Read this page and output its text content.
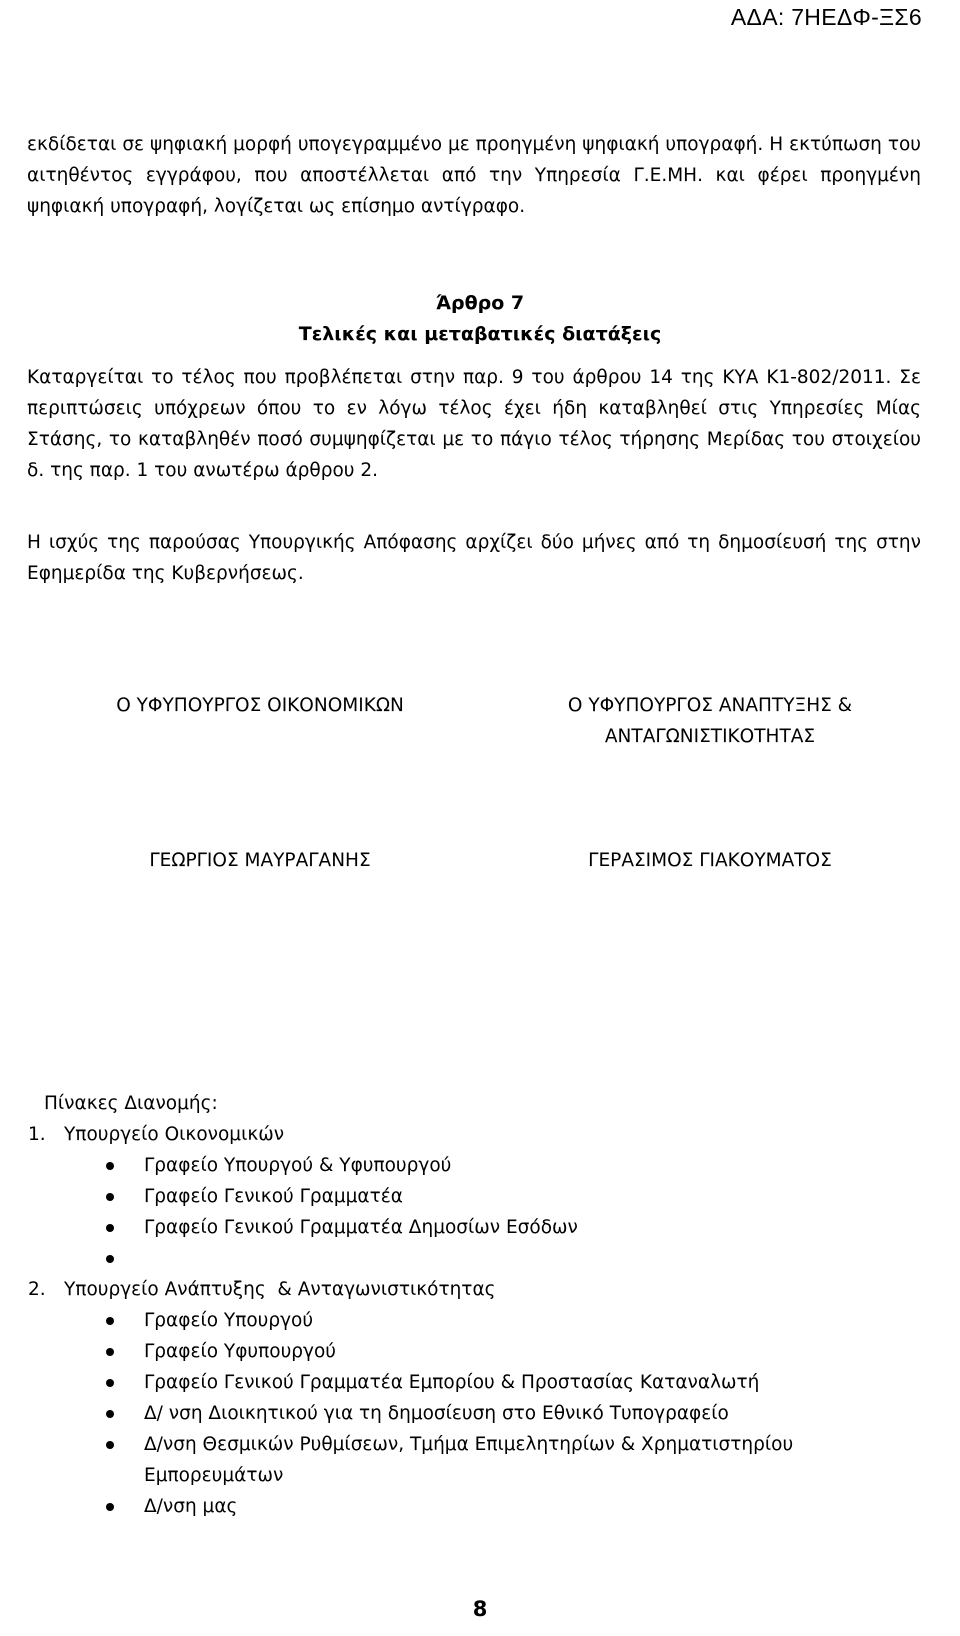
ΑΔΑ: 7ΗΕΔΦ-ΞΣ6
εκδίδεται σε ψηφιακή μορφή υπογεγραμμένο με προηγμένη ψηφιακή υπογραφή. Η εκτύπωση του αιτηθέντος εγγράφου, που αποστέλλεται από την Υπηρεσία Γ.Ε.ΜΗ. και φέρει προηγμένη ψηφιακή υπογραφή, λογίζεται ως επίσημο αντίγραφο.
Άρθρο 7
Τελικές και μεταβατικές διατάξεις
Καταργείται το τέλος που προβλέπεται στην παρ. 9 του άρθρου 14 της ΚΥΑ Κ1-802/2011. Σε περιπτώσεις υπόχρεων όπου το εν λόγω τέλος έχει ήδη καταβληθεί στις Υπηρεσίες Μίας Στάσης, το καταβληθέν ποσό συμψηφίζεται με το πάγιο τέλος τήρησης Μερίδας του στοιχείου δ. της παρ. 1 του ανωτέρω άρθρου 2.
Η ισχύς της παρούσας Υπουργικής Απόφασης αρχίζει δύο μήνες από τη δημοσίευσή της στην Εφημερίδα της Κυβερνήσεως.
Ο ΥΦΥΠΟΥΡΓΟΣ ΟΙΚΟΝΟΜΙΚΩΝ	Ο ΥΦΥΠΟΥΡΓΟΣ ΑΝΑΠΤΥΞΗΣ & ΑΝΤΑΓΩΝΙΣΤΙΚΟΤΗΤΑΣ
ΓΕΩΡΓΙΟΣ ΜΑΥΡΑΓΑΝΗΣ	ΓΕΡΑΣΙΜΟΣ ΓΙΑΚΟΥΜΑΤΟΣ
Πίνακες Διανομής:
1. Υπουργείο Οικονομικών
Γραφείο Υπουργού & Υφυπουργού
Γραφείο Γενικού Γραμματέα
Γραφείο Γενικού Γραμματέα Δημοσίων Εσόδων
2. Υπουργείο Ανάπτυξης  & Ανταγωνιστικότητας
Γραφείο Υπουργού
Γραφείο Υφυπουργού
Γραφείο Γενικού Γραμματέα Εμπορίου & Προστασίας Καταναλωτή
Δ/ νση Διοικητικού για τη δημοσίευση στο Εθνικό Τυπογραφείο
Δ/νση Θεσμικών Ρυθμίσεων, Τμήμα Επιμελητηρίων & Χρηματιστηρίου Εμπορευμάτων
Δ/νση μας
8
